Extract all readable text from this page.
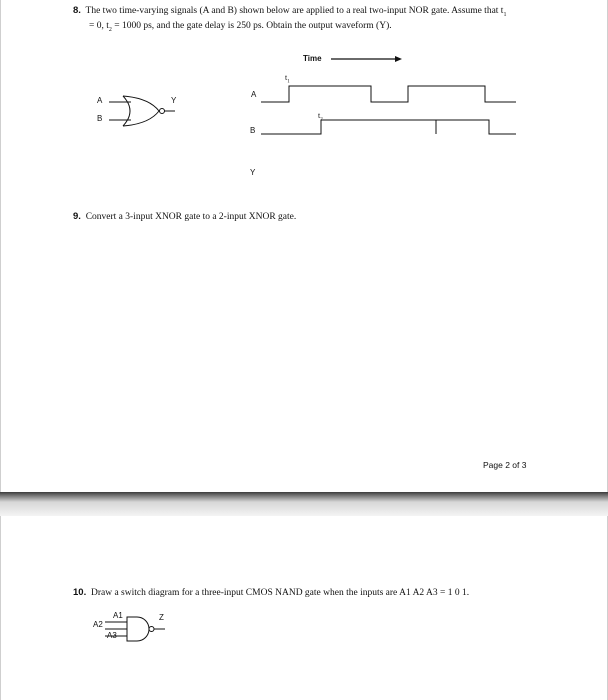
8. The two time-varying signals (A and B) shown below are applied to a real two-input NOR gate. Assume that $t_1$
= 0, $t_2 = 1000$ ps, and the gate delay is 250 ps. Obtain the output waveform (Y).
Time
A
B
Y
A
B
Y
$t_1$
$t_2$
9. Convert a 3-input XNOR gate to a 2-input XNOR gate.
Page 2 of 3
10. Draw a switch diagram for a three-input CMOS NAND gate when the inputs are A1 A2 A3 = 1 0 1.
A1
A2
A3
Z
